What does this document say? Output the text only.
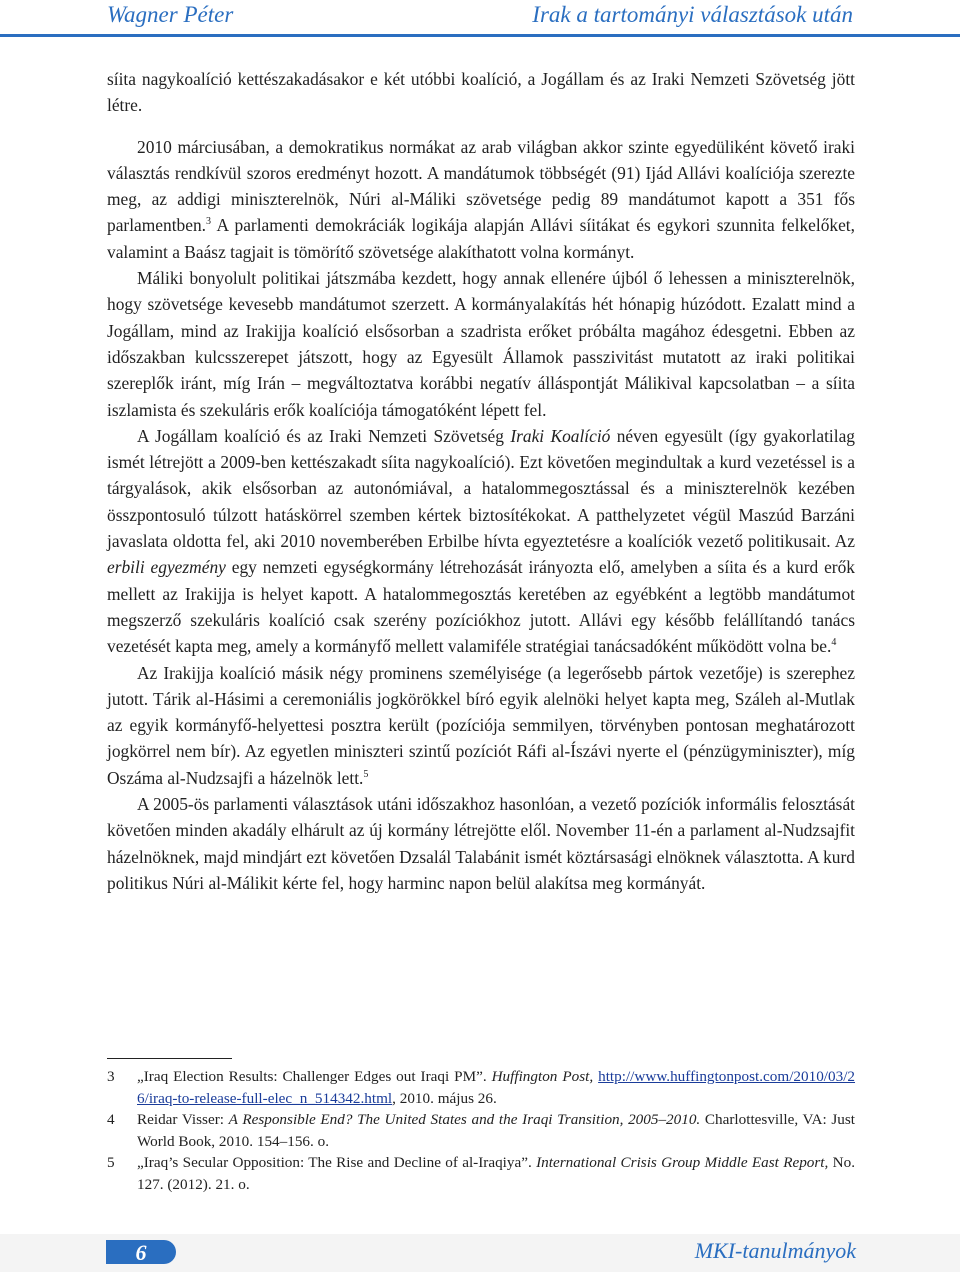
Wagner Péter	Irak a tartományi választások után

síita nagykoalíció kettészakadásakor e két utóbbi koalíció, a Jogállam és az Iraki Nemzeti Szövetség jött létre.

2010 márciusában, a demokratikus normákat az arab világban akkor szinte egyedüliként követő iraki választás rendkívül szoros eredményt hozott. A mandátumok többségét (91) Ijád Allávi koalíciója szerezte meg, az addigi miniszterelnök, Núri al-Máliki szövetsége pedig 89 mandátumot kapott a 351 fős parlamentben.$^3$ A parlamenti demokráciák logikája alapján Allávi síitákat és egykori szunnita felkelőket, valamint a Baász tagjait is tömörítő szövetsége alakíthatott volna kormányt.

Máliki bonyolult politikai játszmába kezdett, hogy annak ellenére újból ő lehessen a miniszterelnök, hogy szövetsége kevesebb mandátumot szerzett. A kormányalakítás hét hónapig húzódott. Ezalatt mind a Jogállam, mind az Irakijja koalíció elsősorban a szadrista erőket próbálta magához édesgetni. Ebben az időszakban kulcsszerepet játszott, hogy az Egyesült Államok passzivitást mutatott az iraki politikai szereplők iránt, míg Irán – megváltoztatva korábbi negatív álláspontját Málikival kapcsolatban – a síita iszlamista és szekuláris erők koalíciója támogatóként lépett fel.

A Jogállam koalíció és az Iraki Nemzeti Szövetség Iraki Koalíció néven egyesült (így gyakorlatilag ismét létrejött a 2009-ben kettészakadt síita nagykoalíció). Ezt követően megindultak a kurd vezetéssel is a tárgyalások, akik elsősorban az autonómiával, a hatalommegosztással és a miniszterelnök kezében összpontosuló túlzott hatáskörrel szemben kértek biztosítékokat. A patthelyzetet végül Maszúd Barzáni javaslata oldotta fel, aki 2010 novemberében Erbilbe hívta egyeztetésre a koalíciók vezető politikusait. Az erbili egyezmény egy nemzeti egységkormány létrehozását irányozta elő, amelyben a síita és a kurd erők mellett az Irakijja is helyet kapott. A hatalommegosztás keretében az egyébként a legtöbb mandátumot megszerző szekuláris koalíció csak szerény pozíciókhoz jutott. Allávi egy később felállítandó tanács vezetését kapta meg, amely a kormányfő mellett valamiféle stratégiai tanácsadóként működött volna be.$^4$

Az Irakijja koalíció másik négy prominens személyisége (a legerősebb pártok vezetője) is szerephez jutott. Tárik al-Hásimi a ceremoniális jogkörökkel bíró egyik alelnöki helyet kapta meg, Száleh al-Mutlak az egyik kormányfő-helyettesi posztra került (pozíciója semmilyen, törvényben pontosan meghatározott jogkörrel nem bír). Az egyetlen miniszteri szintű pozíciót Ráfi al-Íszávi nyerte el (pénzügyminiszter), míg Oszáma al-Nudzsajfi a házelnök lett.$^5$

A 2005-ös parlamenti választások utáni időszakhoz hasonlóan, a vezető pozíciók informális felosztását követően minden akadály elhárult az új kormány létrejötte elől. November 11-én a parlament al-Nudzsajfit házelnöknek, majd mindjárt ezt követően Dzsalál Talabánit ismét köztársasági elnöknek választotta. A kurd politikus Núri al-Málikit kérte fel, hogy harminc napon belül alakítsa meg kormányát.

3 „Iraq Election Results: Challenger Edges out Iraqi PM”. Huffington Post, http://www.huffingtonpost.com/2010/03/26/iraq-to-release-full-elec_n_514342.html, 2010. május 26.
4 Reidar Visser: A Responsible End? The United States and the Iraqi Transition, 2005–2010. Charlottesville, VA: Just World Book, 2010. 154–156. o.
5 „Iraq’s Secular Opposition: The Rise and Decline of al-Iraqiya”. International Crisis Group Middle East Report, No. 127. (2012). 21. o.
6	MKI-tanulmányok
